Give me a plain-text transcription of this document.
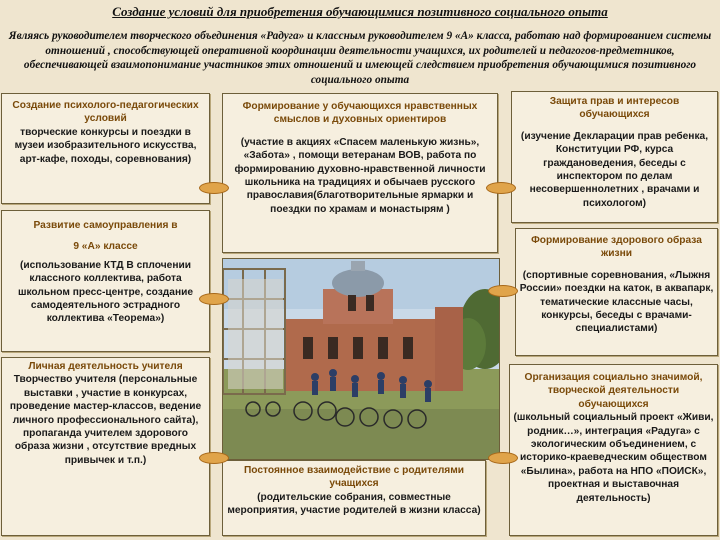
Создание условий для приобретения обучающимися позитивного социального опыта
Являясь руководителем творческого объединения «Радуга» и классным руководителем 9 «А» класса, работаю над формированием системы отношений , способствующей оперативной координации деятельности учащихся, их родителей и педагогов-предметников, обеспечивающей взаимопонимание участников этих отношений и имеющей следствием приобретения обучающимися позитивного социального опыта
Создание психолого-педагогических условий
творческие конкурсы и поездки в музеи изобразительного искусства, арт-кафе, походы, соревнования)
Развитие самоуправления в
9 «А» классе
(использование КТД В сплочении классного коллектива, работа школьном пресс-центре, создание самодеятельного эстрадного коллектива «Теорема»)
Личная деятельность учителя
Творчество учителя (персональные выставки , участие в конкурсах, проведение мастер-классов, ведение личного профессионального сайта), пропаганда учителем здорового образа жизни , отсутствие вредных привычек и т.п.)
Формирование у обучающихся нравственных смыслов и духовных ориентиров
(участие в акциях «Спасем маленькую жизнь», «Забота» , помощи ветеранам ВОВ, работа по формированию духовно-нравственной личности школьника на традициях и обычаев русского православия(благотворительные ярмарки и поездки по храмам и монастырям )
Постоянное взаимодействие с родителями учащихся
(родительские собрания, совместные мероприятия, участие родителей в жизни класса)
Защита прав и интересов обучающихся
(изучение Декларации прав ребенка, Конституции РФ, курса граждановедения, беседы с инспектором по делам несовершеннолетних , врачами и психологом)
Формирование здорового образа жизни
(спортивные соревнования, «Лыжня России» поездки на каток, в аквапарк, тематические классные часы, конкурсы, беседы с врачами-специалистами)
Организация социально значимой, творческой деятельности обучающихся
(школьный социальный проект «Живи, родник…», интеграция «Радуга» с экологическим объединением, с историко-краеведческим обществом «Былина», работа на НПО «ПОИСК», проектная и выставочная деятельность)
